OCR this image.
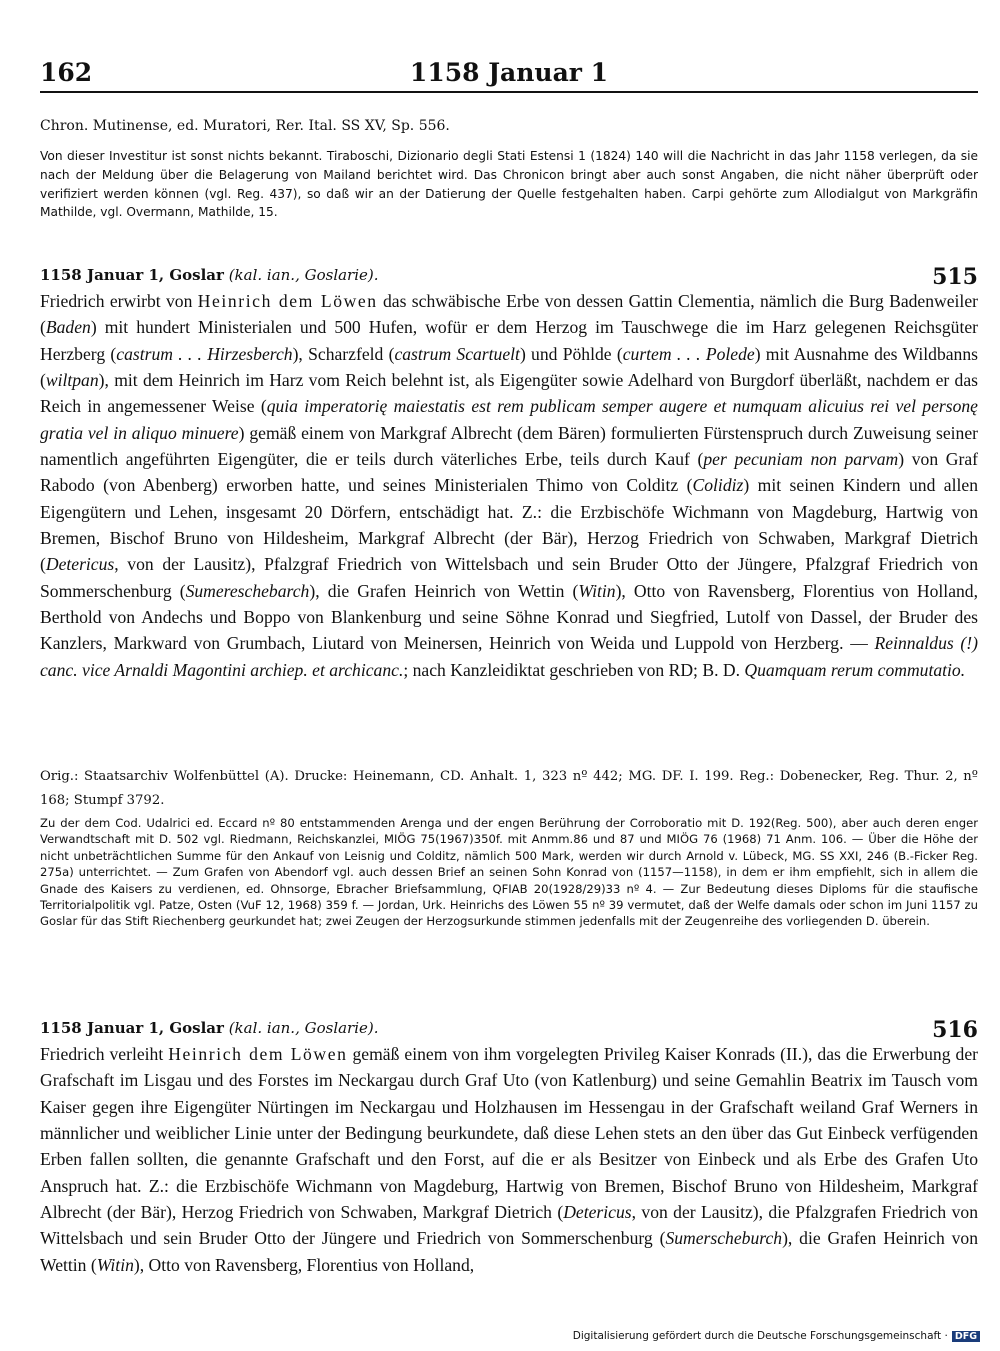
162	1158 Januar 1
Chron. Mutinense, ed. Muratori, Rer. Ital. SS XV, Sp. 556.
Von dieser Investitur ist sonst nichts bekannt. Tiraboschi, Dizionario degli Stati Estensi 1 (1824) 140 will die Nachricht in das Jahr 1158 verlegen, da sie nach der Meldung über die Belagerung von Mailand berichtet wird. Das Chronicon bringt aber auch sonst Angaben, die nicht näher überprüft oder verifiziert werden können (vgl. Reg. 437), so daß wir an der Datierung der Quelle festgehalten haben. Carpi gehörte zum Allodialgut von Markgräfin Mathilde, vgl. Overmann, Mathilde, 15.
1158 Januar 1, Goslar (kal. ian., Goslarie).	515
Friedrich erwirbt von Heinrich dem Löwen das schwäbische Erbe von dessen Gattin Clementia, nämlich die Burg Badenweiler (Baden) mit hundert Ministerialen und 500 Hufen, wofür er dem Herzog im Tauschwege die im Harz gelegenen Reichsgüter Herzberg (castrum . . . Hirzesberch), Scharzfeld (castrum Scartuelt) und Pöhlde (curtem . . . Polede) mit Ausnahme des Wildbanns (wiltpan), mit dem Heinrich im Harz vom Reich belehnt ist, als Eigengüter sowie Adelhard von Burgdorf überläßt, nachdem er das Reich in angemessener Weise (quia imperatorię maiestatis est rem publicam semper augere et numquam alicuius rei vel personę gratia vel in aliquo minuere) gemäß einem von Markgraf Albrecht (dem Bären) formulierten Fürstenspruch durch Zuweisung seiner namentlich angeführten Eigengüter, die er teils durch väterliches Erbe, teils durch Kauf (per pecuniam non parvam) von Graf Rabodo (von Abenberg) erworben hatte, und seines Ministerialen Thimo von Colditz (Colidiz) mit seinen Kindern und allen Eigengütern und Lehen, insgesamt 20 Dörfern, entschädigt hat. Z.: die Erzbischöfe Wichmann von Magdeburg, Hartwig von Bremen, Bischof Bruno von Hildesheim, Markgraf Albrecht (der Bär), Herzog Friedrich von Schwaben, Markgraf Dietrich (Detericus, von der Lausitz), Pfalzgraf Friedrich von Wittelsbach und sein Bruder Otto der Jüngere, Pfalzgraf Friedrich von Sommerschenburg (Sumereschebarch), die Grafen Heinrich von Wettin (Witin), Otto von Ravensberg, Florentius von Holland, Berthold von Andechs und Boppo von Blankenburg und seine Söhne Konrad und Siegfried, Lutolf von Dassel, der Bruder des Kanzlers, Markward von Grumbach, Liutard von Meinersen, Heinrich von Weida und Luppold von Herzberg. — Reinnaldus (!) canc. vice Arnaldi Magontini archiep. et archicanc.; nach Kanzleidiktat geschrieben von RD; B. D. Quamquam rerum commutatio.
Orig.: Staatsarchiv Wolfenbüttel (A). Drucke: Heinemann, CD. Anhalt. 1, 323 nº 442; MG. DF. I. 199. Reg.: Dobenecker, Reg. Thur. 2, nº 168; Stumpf 3792.
Zu der dem Cod. Udalrici ed. Eccard nº 80 entstammenden Arenga und der engen Berührung der Corroboratio mit D. 192(Reg. 500), aber auch deren enger Verwandtschaft mit D. 502 vgl. Riedmann, Reichskanzlei, MIÖG 75(1967)350f. mit Anmm.86 und 87 und MIÖG 76 (1968) 71 Anm. 106. — Über die Höhe der nicht unbeträchtlichen Summe für den Ankauf von Leisnig und Colditz, nämlich 500 Mark, werden wir durch Arnold v. Lübeck, MG. SS XXI, 246 (B.-Ficker Reg. 275a) unterrichtet. — Zum Grafen von Abendorf vgl. auch dessen Brief an seinen Sohn Konrad von (1157—1158), in dem er ihm empfiehlt, sich in allem die Gnade des Kaisers zu verdienen, ed. Ohnsorge, Ebracher Briefsammlung, QFIAB 20(1928/29)33 nº 4. — Zur Bedeutung dieses Diploms für die staufische Territorialpolitik vgl. Patze, Osten (VuF 12, 1968) 359 f. — Jordan, Urk. Heinrichs des Löwen 55 nº 39 vermutet, daß der Welfe damals oder schon im Juni 1157 zu Goslar für das Stift Riechenberg geurkundet hat; zwei Zeugen der Herzogsurkunde stimmen jedenfalls mit der Zeugenreihe des vorliegenden D. überein.
1158 Januar 1, Goslar (kal. ian., Goslarie).	516
Friedrich verleiht Heinrich dem Löwen gemäß einem von ihm vorgelegten Privileg Kaiser Konrads (II.), das die Erwerbung der Grafschaft im Lisgau und des Forstes im Neckargau durch Graf Uto (von Katlenburg) und seine Gemahlin Beatrix im Tausch vom Kaiser gegen ihre Eigengüter Nürtingen im Neckargau und Holzhausen im Hessengau in der Grafschaft weiland Graf Werners in männlicher und weiblicher Linie unter der Bedingung beurkundete, daß diese Lehen stets an den über das Gut Einbeck verfügenden Erben fallen sollten, die genannte Grafschaft und den Forst, auf die er als Besitzer von Einbeck und als Erbe des Grafen Uto Anspruch hat. Z.: die Erzbischöfe Wichmann von Magdeburg, Hartwig von Bremen, Bischof Bruno von Hildesheim, Markgraf Albrecht (der Bär), Herzog Friedrich von Schwaben, Markgraf Dietrich (Detericus, von der Lausitz), die Pfalzgrafen Friedrich von Wittelsbach und sein Bruder Otto der Jüngere und Friedrich von Sommerschenburg (Sumerscheburch), die Grafen Heinrich von Wettin (Witin), Otto von Ravensberg, Florentius von Holland,
Digitalisierung gefördert durch die Deutsche Forschungsgemeinschaft · DFG
